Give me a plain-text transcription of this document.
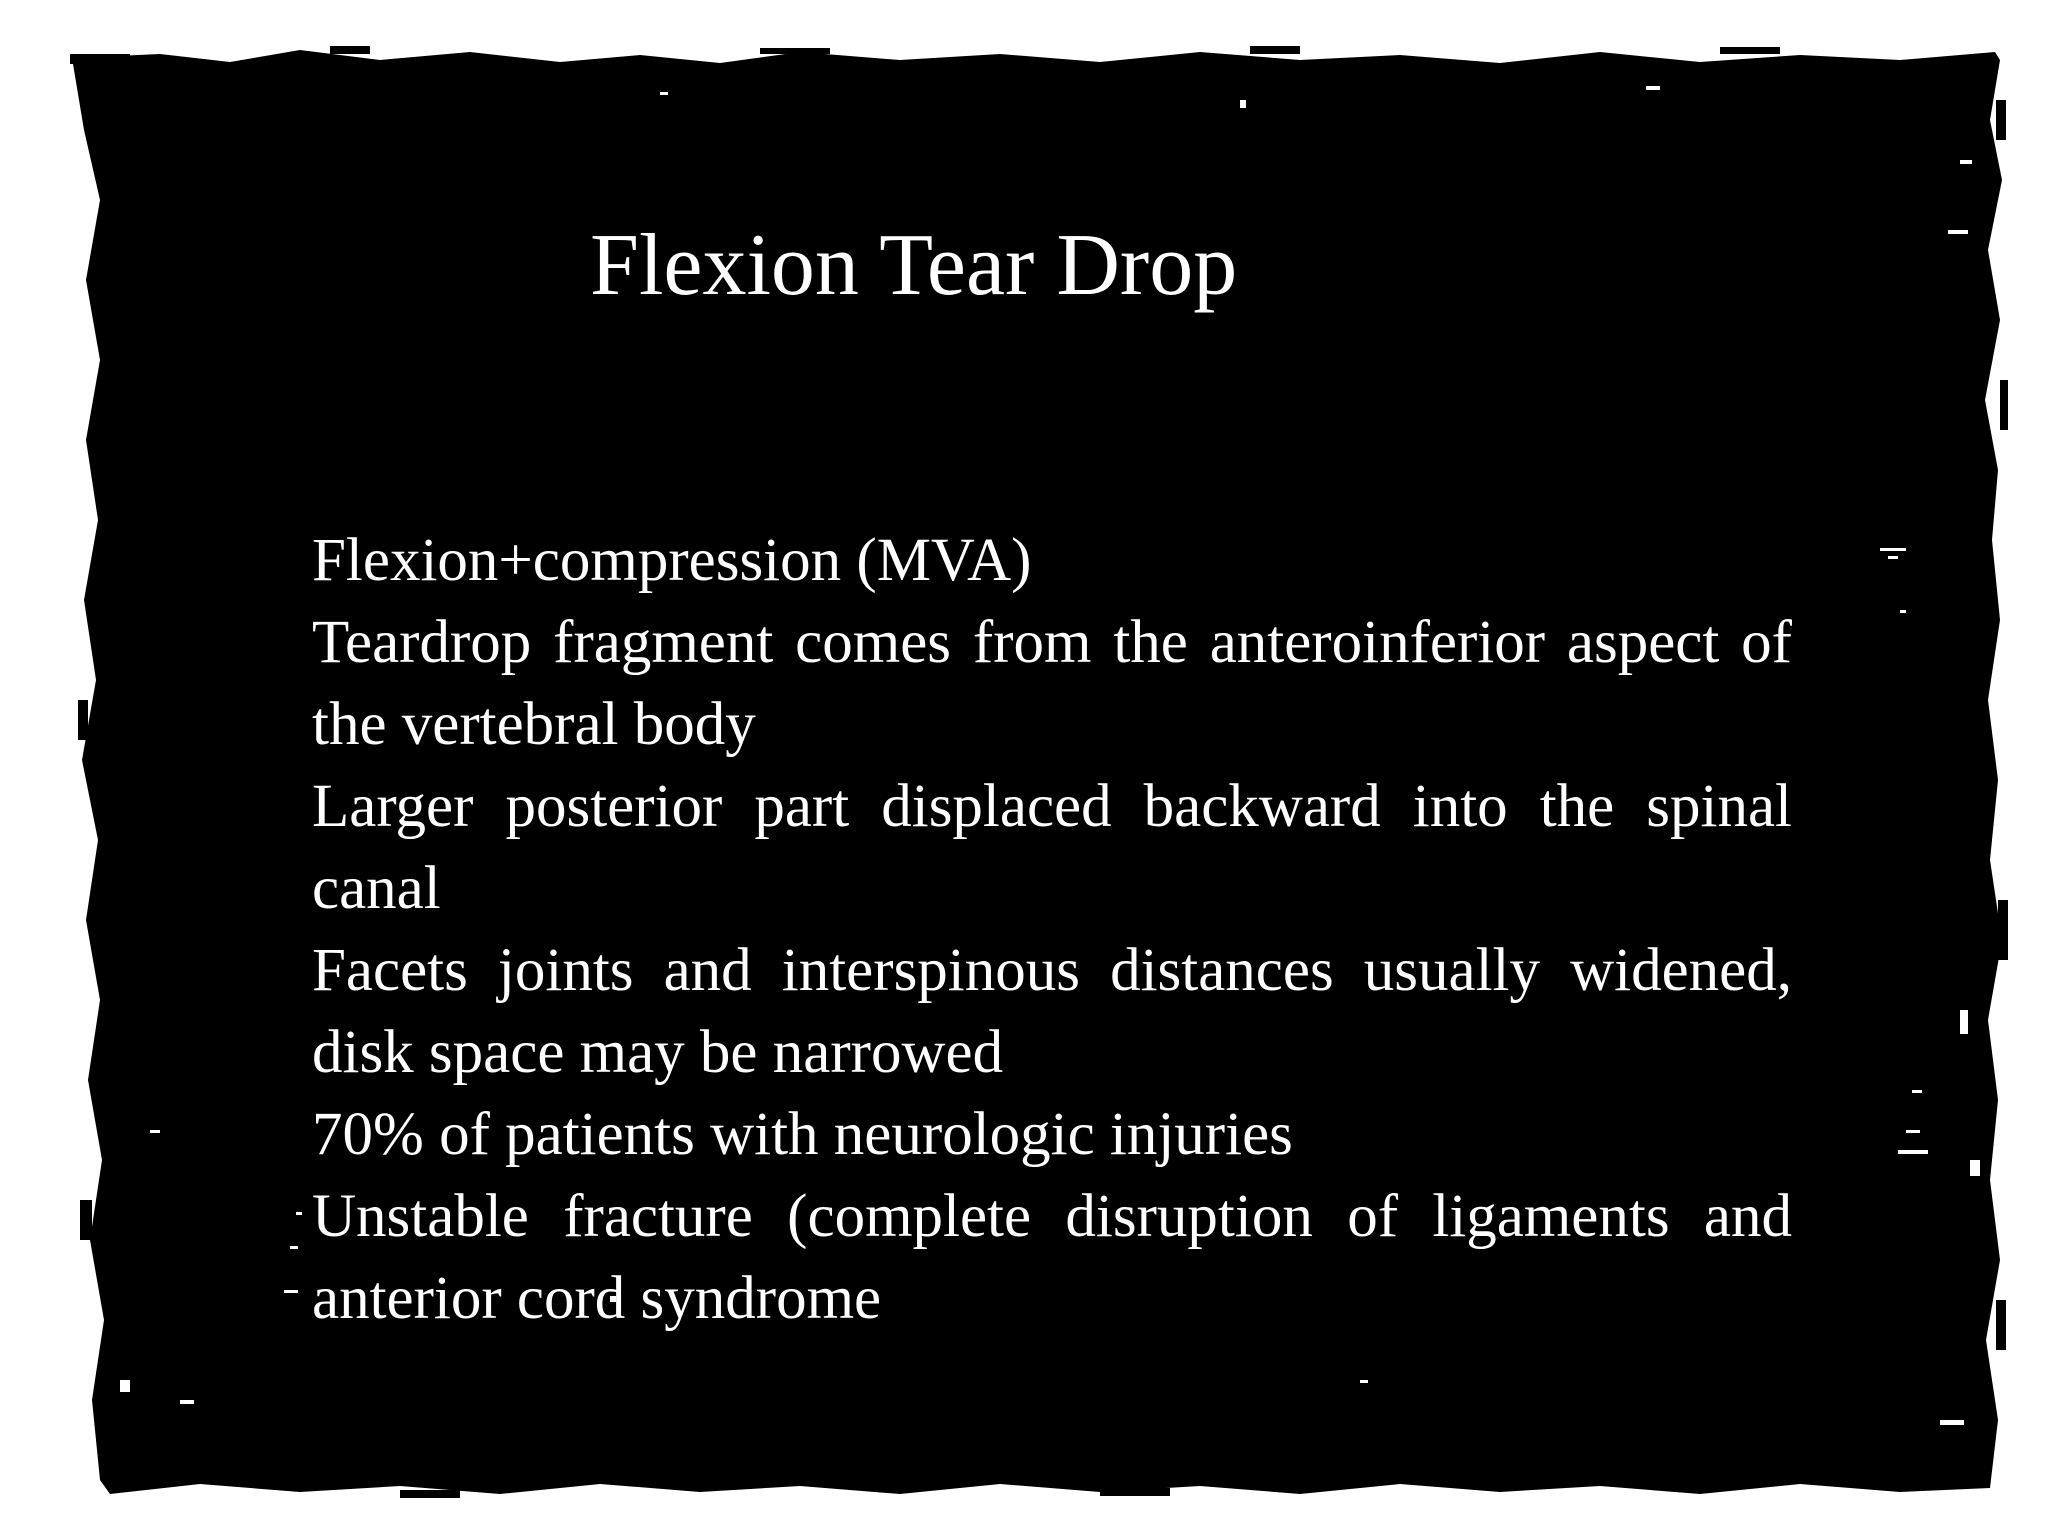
Flexion Tear Drop
Flexion+compression (MVA)
Teardrop fragment comes from the anteroinferior aspect of the vertebral body
Larger posterior part displaced backward into the spinal canal
Facets joints and interspinous distances usually widened, disk space may be narrowed
70% of patients with neurologic injuries
Unstable fracture (complete disruption of ligaments and anterior cord syndrome
